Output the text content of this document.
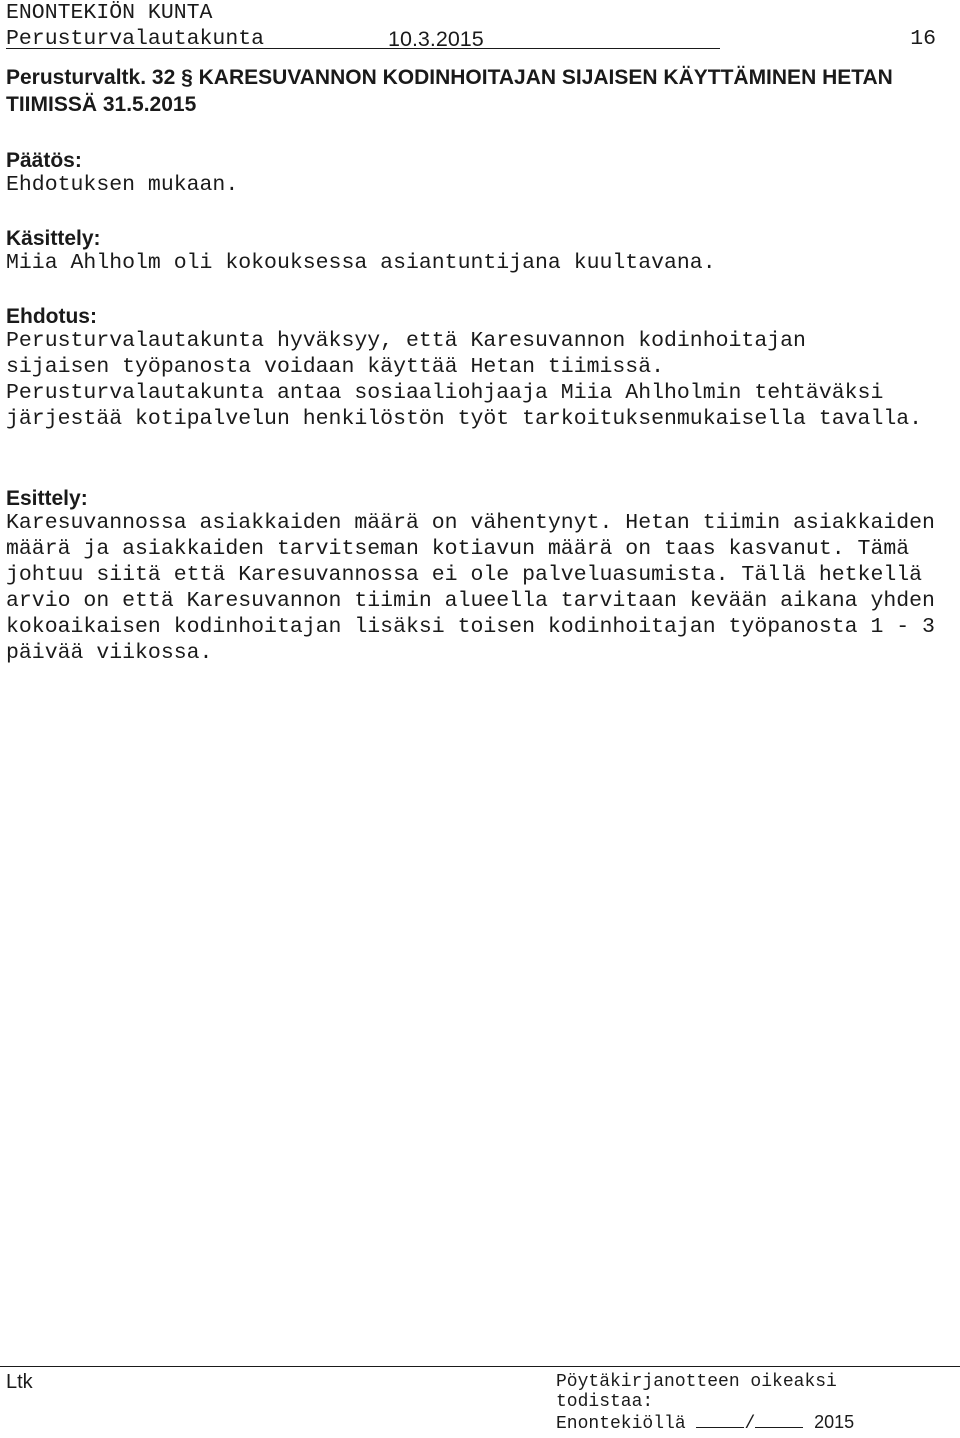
ENONTEKIÖN KUNTA
Perusturvalautakunta	10.3.2015	16
Perusturvaltk. 32 § KARESUVANNON KODINHOITAJAN SIJAISEN KÄYTTÄMINEN HETAN TIIMISSÄ 31.5.2015
Päätös:
Ehdotuksen mukaan.
Käsittely:
Miia Ahlholm oli kokouksessa asiantuntijana kuultavana.
Ehdotus:
Perusturvalautakunta hyväksyy, että Karesuvannon kodinhoitajan sijaisen työpanosta voidaan käyttää Hetan tiimissä.
Perusturvalautakunta antaa sosiaaliohjaaja Miia Ahlholmin tehtäväksi järjestää kotipalvelun henkilöstön työt tarkoituksenmukaisella tavalla.
Esittely:
Karesuvannossa asiakkaiden määrä on vähentynyt. Hetan tiimin asiakkaiden määrä ja asiakkaiden tarvitseman kotiavun määrä on taas kasvanut. Tämä johtuu siitä että Karesuvannossa ei ole palveluasumista. Tällä hetkellä arvio on että Karesuvannon tiimin alueella tarvitaan kevään aikana yhden kokoaikaisen kodinhoitajan lisäksi toisen kodinhoitajan työpanosta 1 - 3 päivää viikossa.
Ltk	Pöytäkirjanotteen oikeaksi
todistaa:
Enontekiöllä	/	2015
